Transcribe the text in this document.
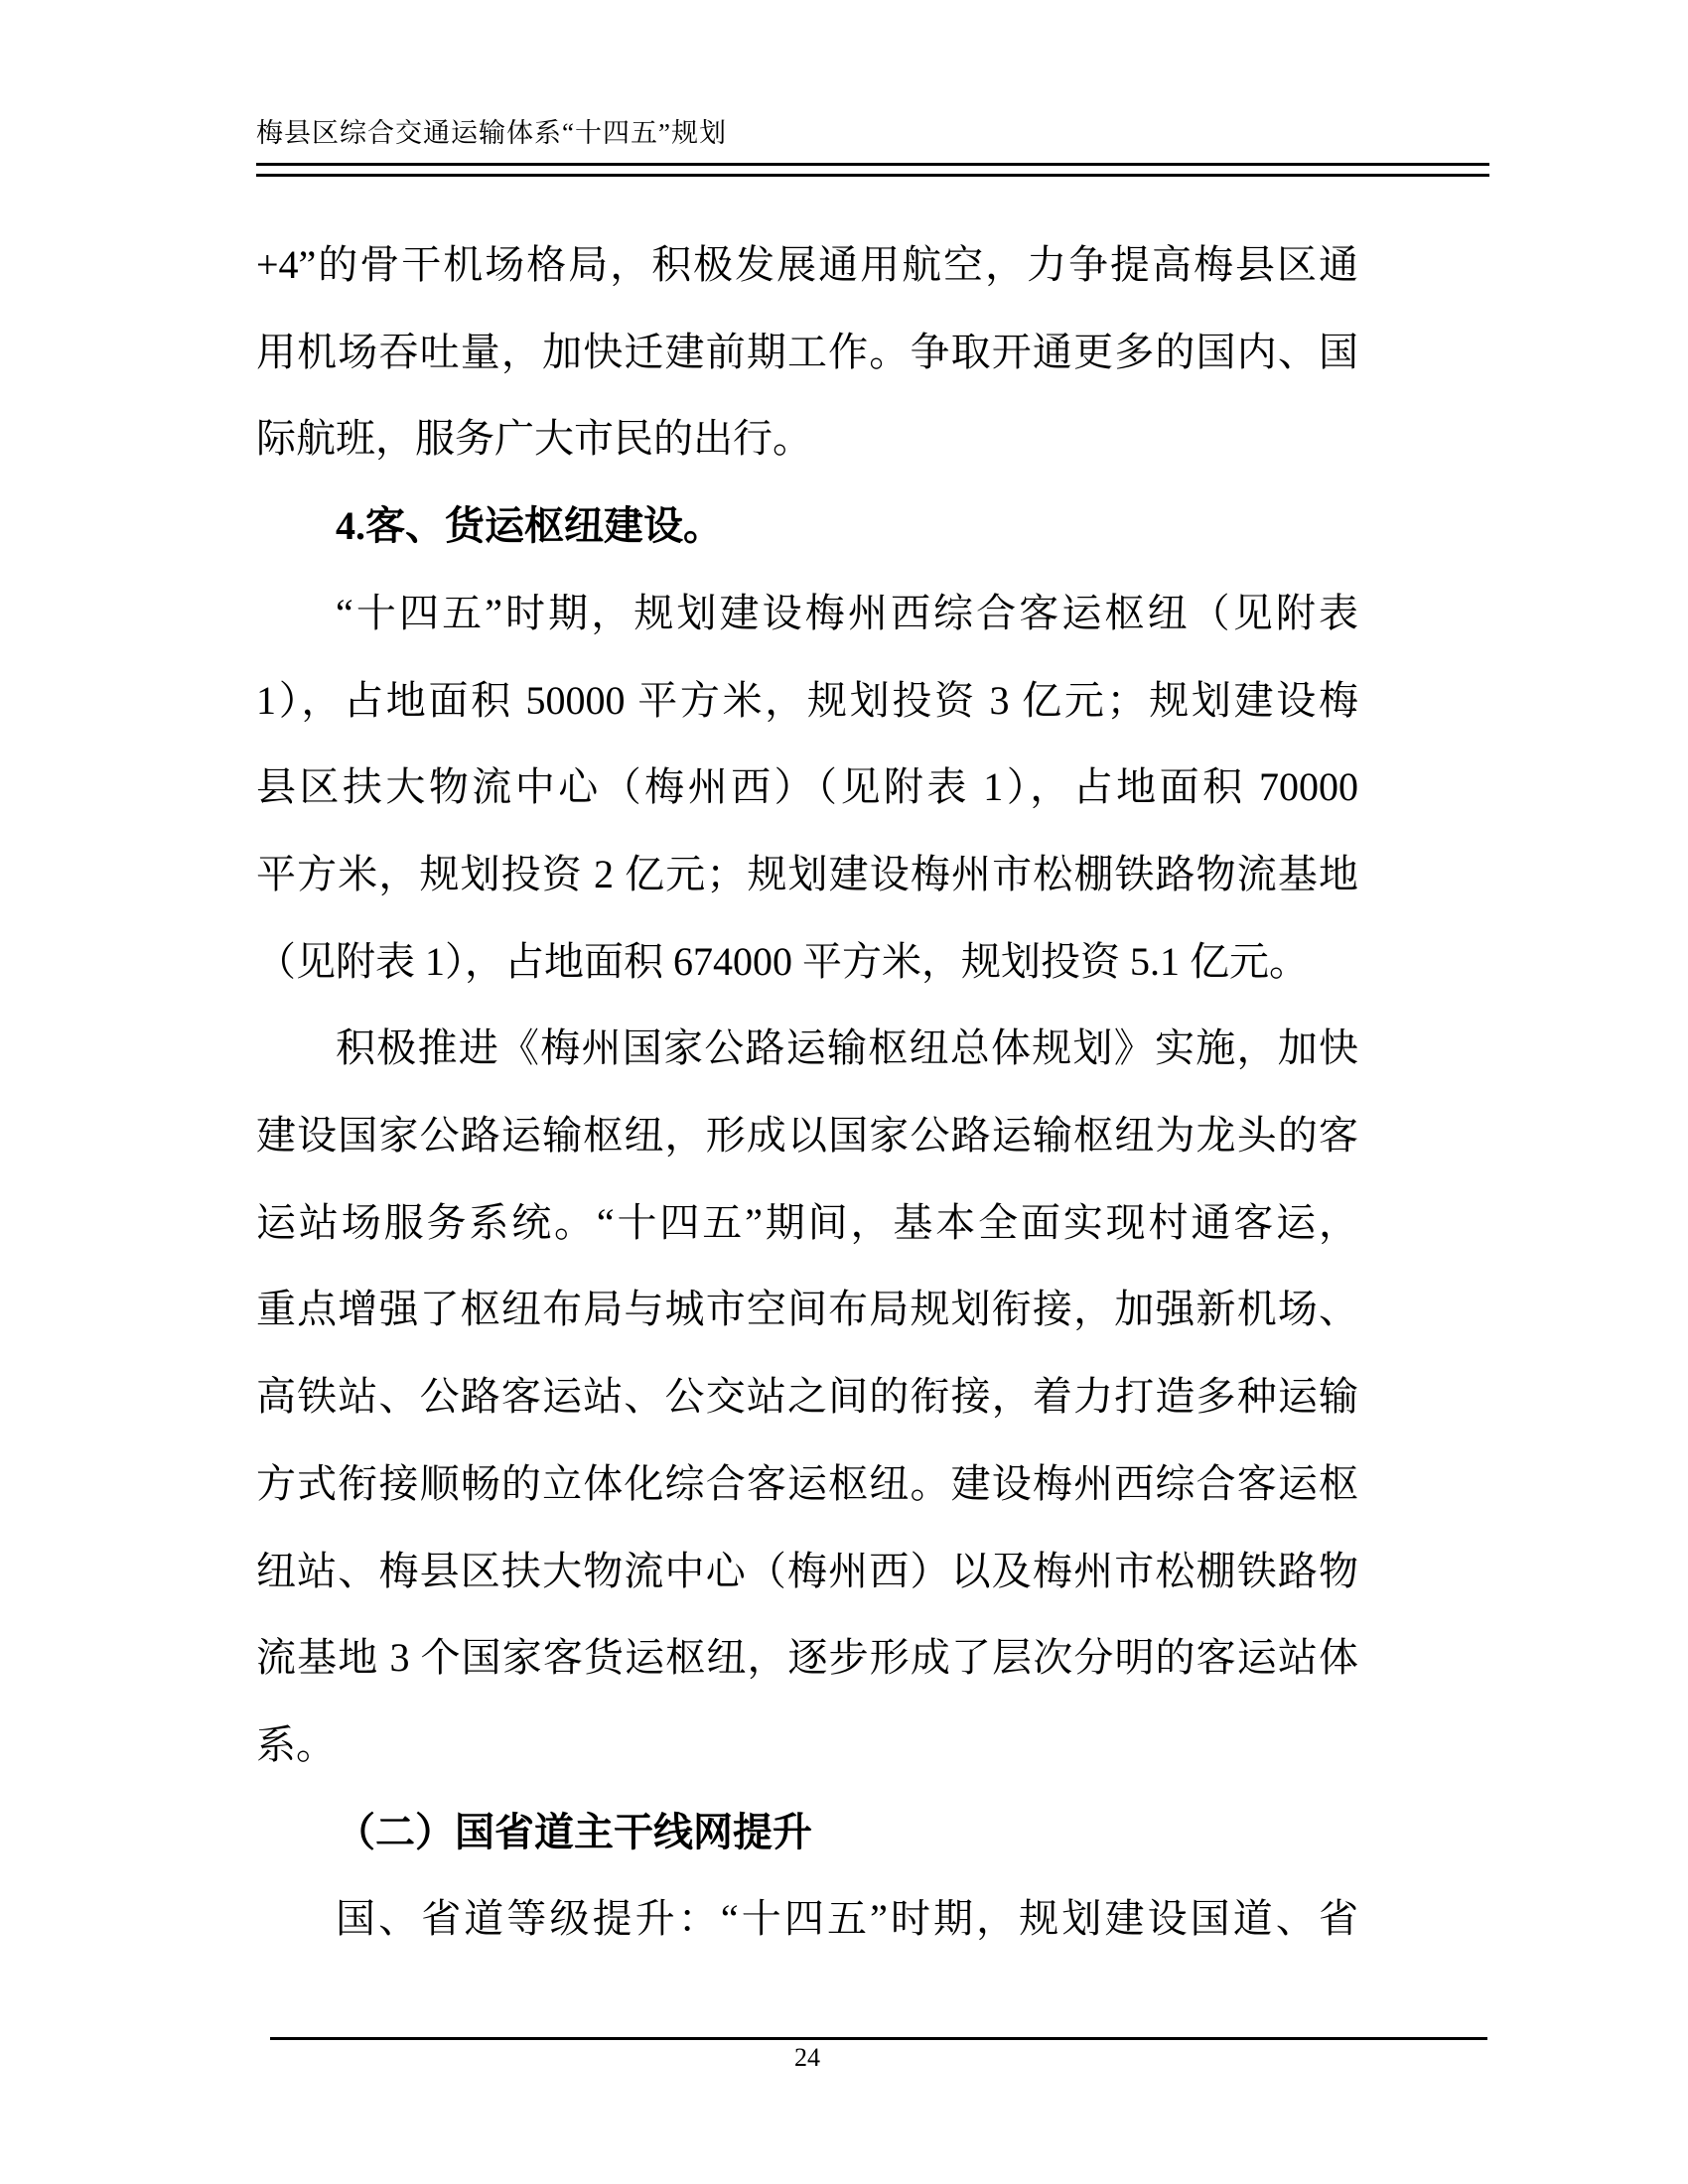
梅县区综合交通运输体系“十四五”规划
+4”的骨干机场格局，积极发展通用航空，力争提高梅县区通
用机场吞吐量，加快迁建前期工作。争取开通更多的国内、国
际航班，服务广大市民的出行。
4.客、货运枢纽建设。
“十四五”时期，规划建设梅州西综合客运枢纽（见附表
1），占地面积 50000 平方米，规划投资 3 亿元；规划建设梅
县区扶大物流中心（梅州西）（见附表 1），占地面积 70000
平方米，规划投资 2 亿元；规划建设梅州市松棚铁路物流基地
（见附表 1），占地面积 674000 平方米，规划投资 5.1 亿元。
积极推进《梅州国家公路运输枢纽总体规划》实施，加快
建设国家公路运输枢纽，形成以国家公路运输枢纽为龙头的客
运站场服务系统。“十四五”期间，基本全面实现村通客运，
重点增强了枢纽布局与城市空间布局规划衔接，加强新机场、
高铁站、公路客运站、公交站之间的衔接，着力打造多种运输
方式衔接顺畅的立体化综合客运枢纽。建设梅州西综合客运枢
纽站、梅县区扶大物流中心（梅州西）以及梅州市松棚铁路物
流基地 3 个国家客货运枢纽，逐步形成了层次分明的客运站体
系。
（二）国省道主干线网提升
国、省道等级提升：“十四五”时期，规划建设国道、省
24
